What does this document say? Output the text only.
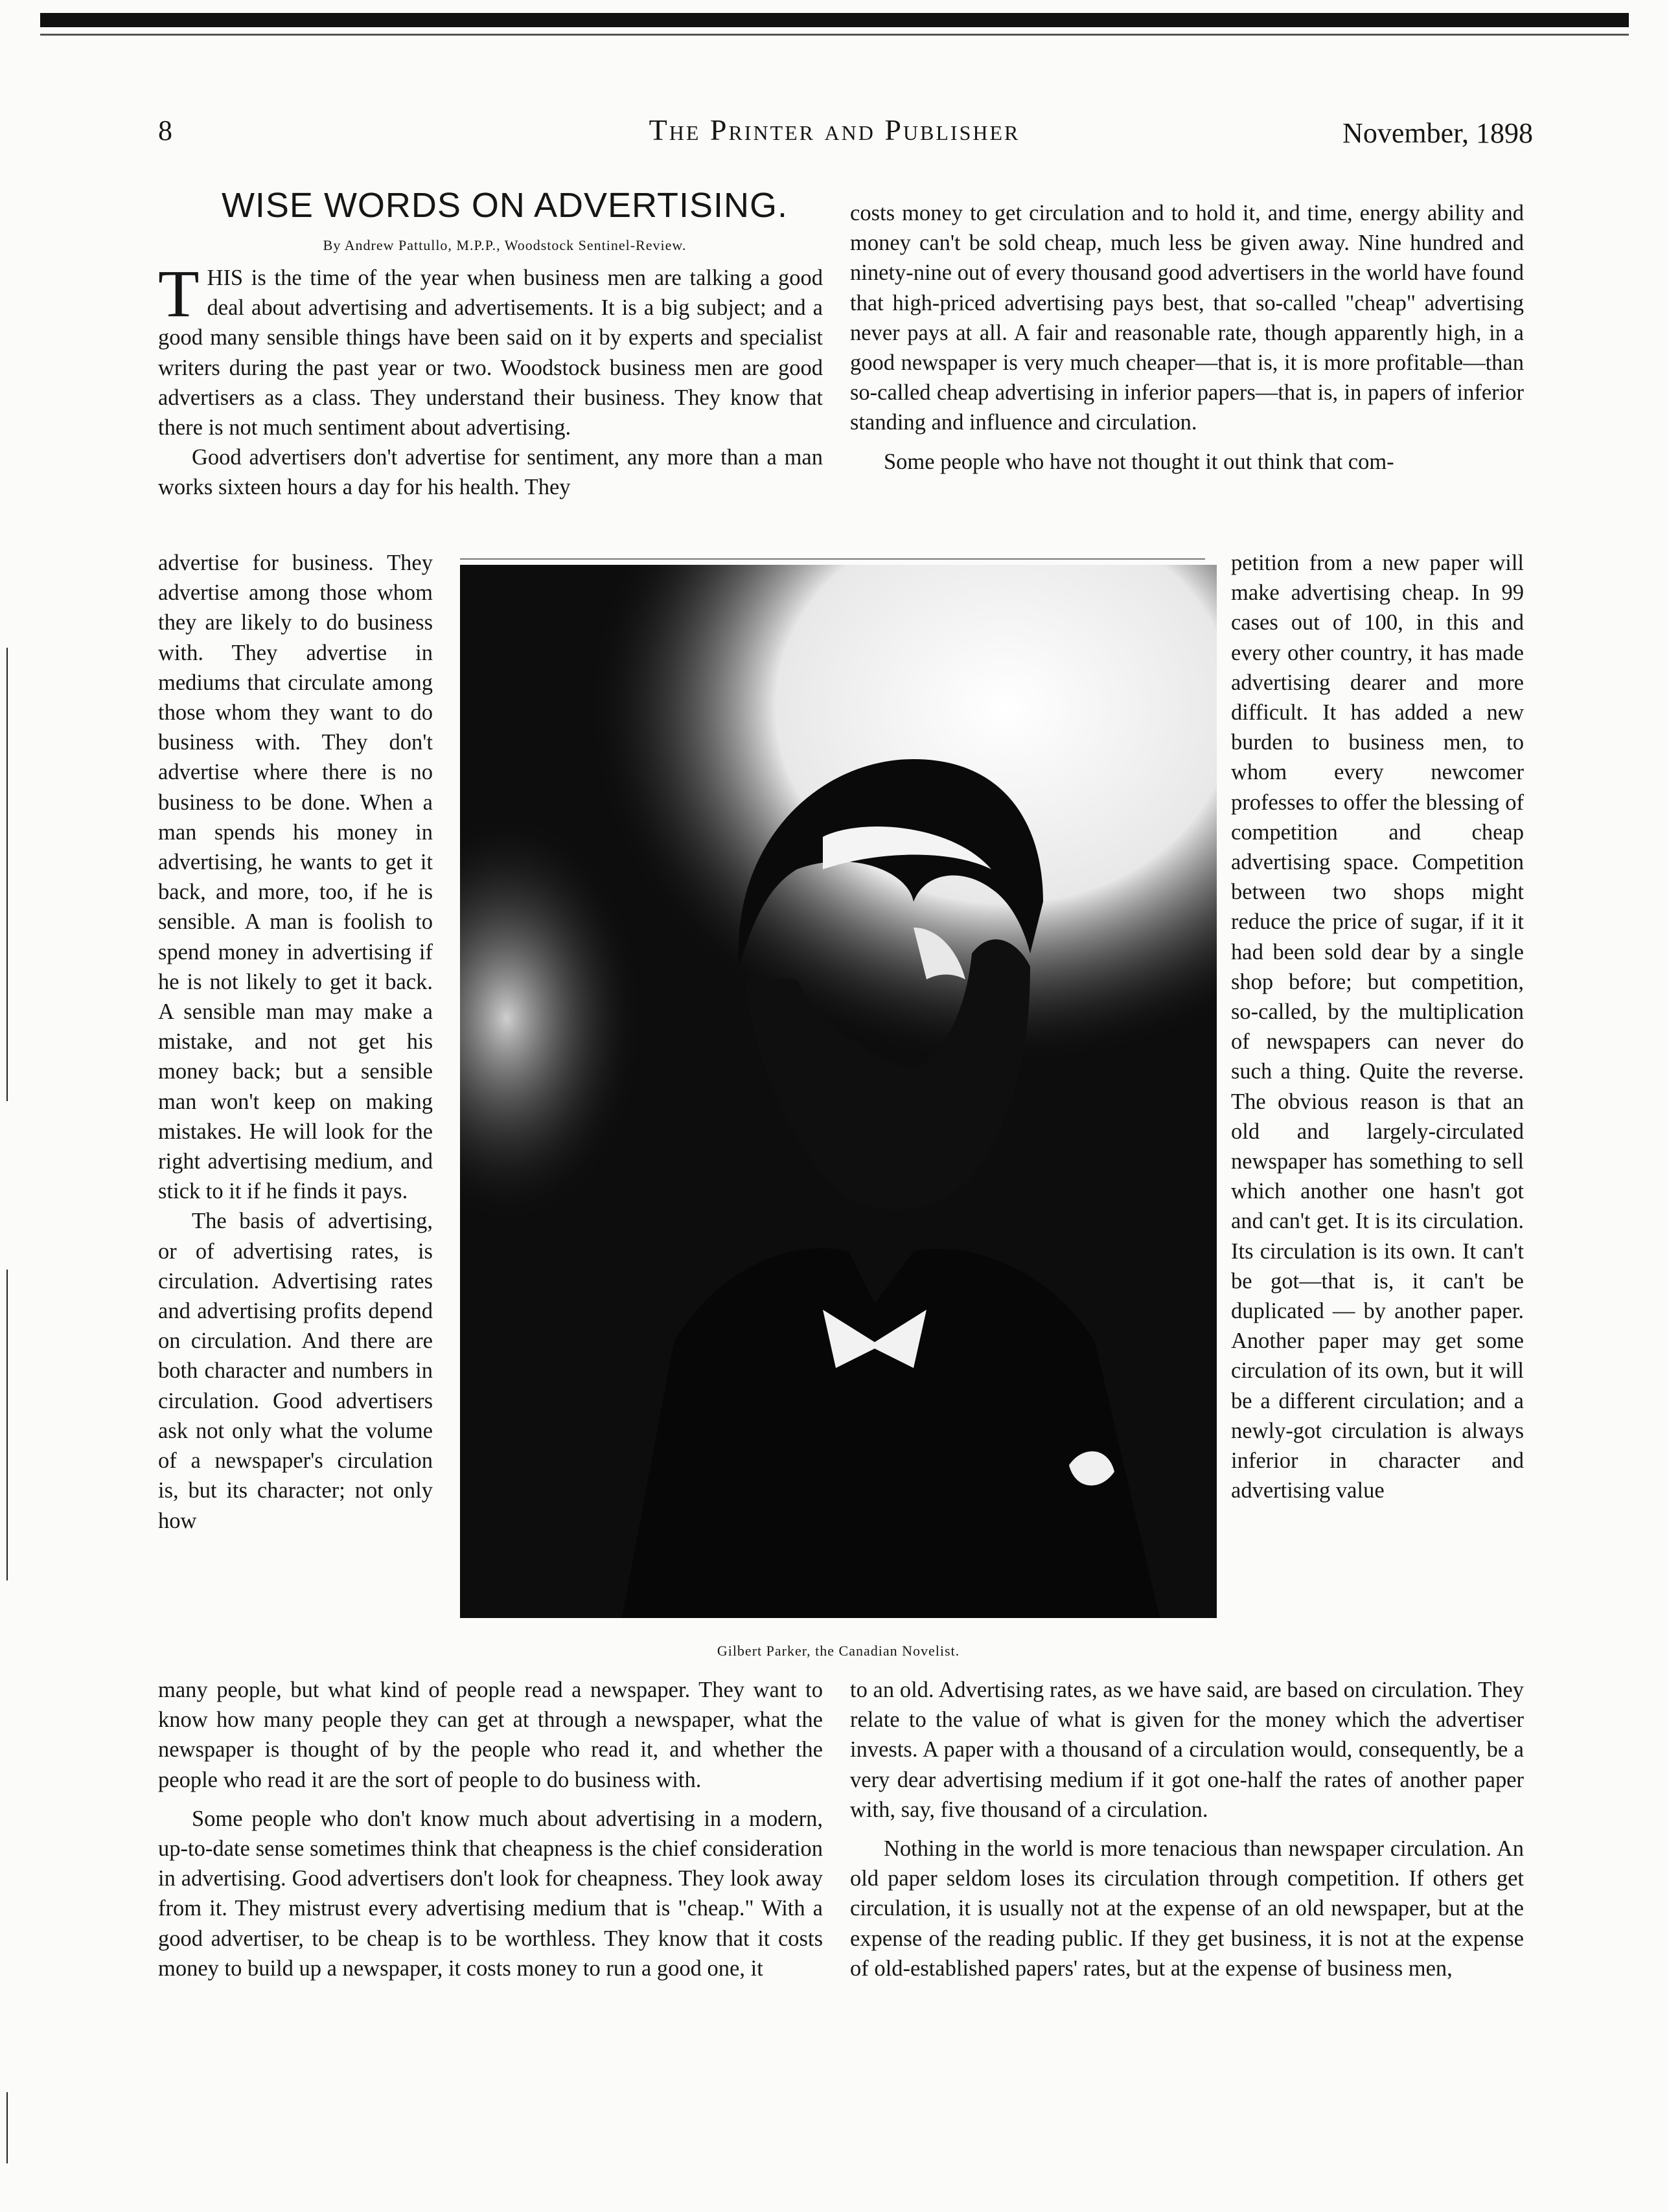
8	The Printer and Publisher	November, 1898
WISE WORDS ON ADVERTISING.
By Andrew Pattullo, M.P.P., Woodstock Sentinel-Review.

T HIS is the time of the year when business men are talking a good deal about advertising and advertisements. It is a big subject; and a good many sensible things have been said on it by experts and specialist writers during the past year or two. Woodstock business men are good advertisers as a class. They understand their business. They know that there is not much sentiment about advertising.

Good advertisers don't advertise for sentiment, any more than a man works sixteen hours a day for his health. They

advertise for business. They advertise among those whom they are likely to do business with. They advertise in mediums that circulate among those whom they want to do business with. They don't advertise where there is no business to be done. When a man spends his money in advertising, he wants to get it back, and more, too, if he is sensible. A man is foolish to spend money in advertising if he is not likely to get it back. A sensible man may make a mistake, and not get his money back; but a sensible man won't keep on making mistakes. He will look for the right advertising medium, and stick to it if he finds it pays.

The basis of advertising, or of advertising rates, is circulation. Advertising rates and advertising profits depend on circulation. And there are both character and numbers in circulation. Good advertisers ask not only what the volume of a newspaper's circulation is, but its character; not only how

many people, but what kind of people read a newspaper. They want to know how many people they can get at through a newspaper, what the newspaper is thought of by the people who read it, and whether the people who read it are the sort of people to do business with.

Some people who don't know much about advertising in a modern, up-to-date sense sometimes think that cheapness is the chief consideration in advertising. Good advertisers don't look for cheapness. They look away from it. They mistrust every advertising medium that is "cheap." With a good advertiser, to be cheap is to be worthless. They know that it costs money to build up a newspaper, it costs money to run a good one, it

costs money to get circulation and to hold it, and time, energy ability and money can't be sold cheap, much less be given away. Nine hundred and ninety-nine out of every thousand good advertisers in the world have found that high-priced advertising pays best, that so-called "cheap" advertising never pays at all. A fair and reasonable rate, though apparently high, in a good newspaper is very much cheaper—that is, it is more profitable—than so-called cheap advertising in inferior papers—that is, in papers of inferior standing and influence and circulation.

Some people who have not thought it out think that com-

petition from a new paper will make advertising cheap. In 99 cases out of 100, in this and every other country, it has made advertising dearer and more difficult. It has added a new burden to business men, to whom every newcomer professes to offer the blessing of competition and cheap advertising space. Competition between two shops might reduce the price of sugar, if it it had been sold dear by a single shop before; but competition, so-called, by the multiplication of newspapers can never do such a thing. Quite the reverse. The obvious reason is that an old and largely-circulated newspaper has something to sell which another one hasn't got and can't get. It is its circulation. Its circulation is its own. It can't be got—that is, it can't be duplicated — by another paper. Another paper may get some circulation of its own, but it will be a different circulation; and a newly-got circulation is always inferior in character and advertising value

to an old. Advertising rates, as we have said, are based on circulation. They relate to the value of what is given for the money which the advertiser invests. A paper with a thousand of a circulation would, consequently, be a very dear advertising medium if it got one-half the rates of another paper with, say, five thousand of a circulation.

Nothing in the world is more tenacious than newspaper circulation. An old paper seldom loses its circulation through competition. If others get circulation, it is usually not at the expense of an old newspaper, but at the expense of the reading public. If they get business, it is not at the expense of old-established papers' rates, but at the expense of business men,

Gilbert Parker, the Canadian Novelist.
